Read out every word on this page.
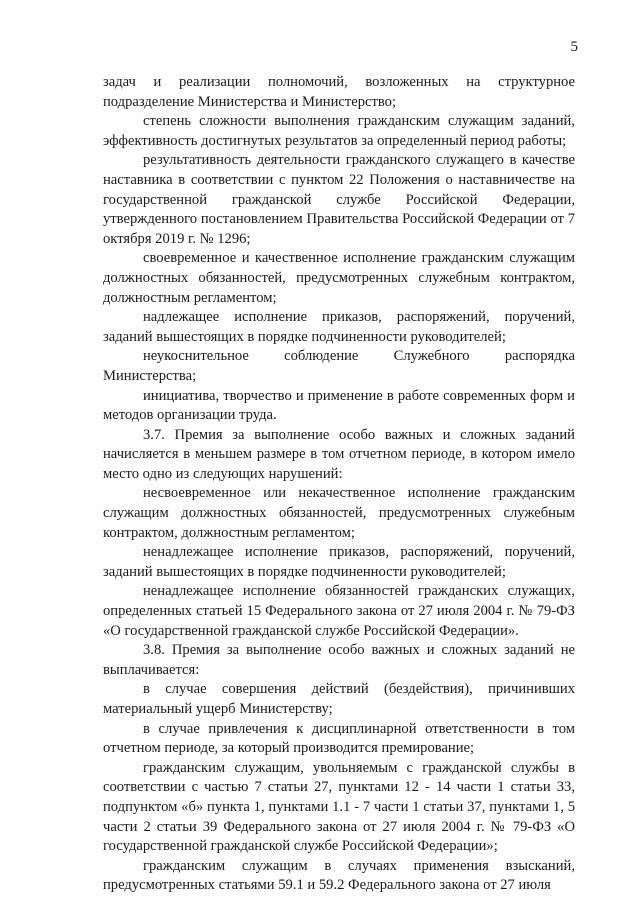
5

задач и реализации полномочий, возложенных на структурное подразделение Министерства и Министерство;

степень сложности выполнения гражданским служащим заданий, эффективность достигнутых результатов за определенный период работы;

результативность деятельности гражданского служащего в качестве наставника в соответствии с пунктом 22 Положения о наставничестве на государственной гражданской службе Российской Федерации, утвержденного постановлением Правительства Российской Федерации от 7 октября 2019 г. № 1296;

своевременное и качественное исполнение гражданским служащим должностных обязанностей, предусмотренных служебным контрактом, должностным регламентом;

надлежащее исполнение приказов, распоряжений, поручений, заданий вышестоящих в порядке подчиненности руководителей;

неукоснительное соблюдение Служебного распорядка Министерства;

инициатива, творчество и применение в работе современных форм и методов организации труда.

3.7. Премия за выполнение особо важных и сложных заданий начисляется в меньшем размере в том отчетном периоде, в котором имело место одно из следующих нарушений:

несвоевременное или некачественное исполнение гражданским служащим должностных обязанностей, предусмотренных служебным контрактом, должностным регламентом;

ненадлежащее исполнение приказов, распоряжений, поручений, заданий вышестоящих в порядке подчиненности руководителей;

ненадлежащее исполнение обязанностей гражданских служащих, определенных статьей 15 Федерального закона от 27 июля 2004 г. № 79-ФЗ «О государственной гражданской службе Российской Федерации».

3.8. Премия за выполнение особо важных и сложных заданий не выплачивается:

в случае совершения действий (бездействия), причинивших материальный ущерб Министерству;

в случае привлечения к дисциплинарной ответственности в том отчетном периоде, за который производится премирование;

гражданским служащим, увольняемым с гражданской службы в соответствии с частью 7 статьи 27, пунктами 12 - 14 части 1 статьи 33, подпунктом «б» пункта 1, пунктами 1.1 - 7 части 1 статьи 37, пунктами 1, 5 части 2 статьи 39 Федерального закона от 27 июля 2004 г. № 79-ФЗ «О государственной гражданской службе Российской Федерации»;

гражданским служащим в случаях применения взысканий, предусмотренных статьями 59.1 и 59.2 Федерального закона от 27 июля
